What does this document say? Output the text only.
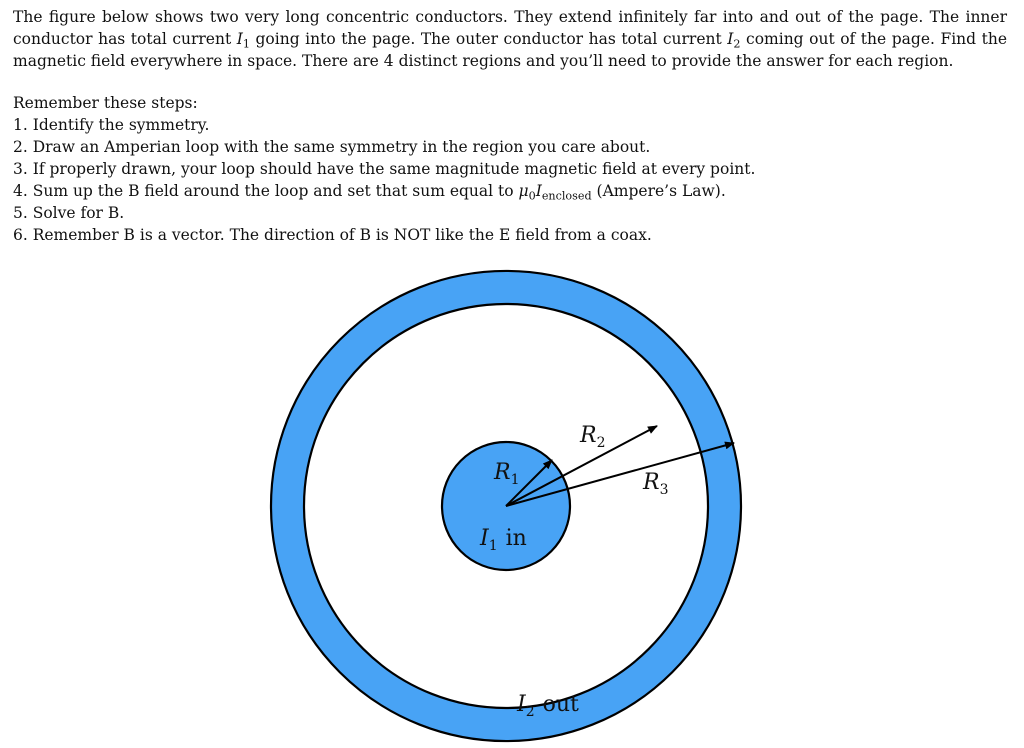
The figure below shows two very long concentric conductors. They extend infinitely far into and out of the page. The inner conductor has total current $I_1$ going into the page. The outer conductor has total current $I_2$ coming out of the page. Find the magnetic field everywhere in space. There are 4 distinct regions and you’ll need to provide the answer for each region.

Remember these steps:
1. Identify the symmetry.
2. Draw an Amperian loop with the same symmetry in the region you care about.
3. If properly drawn, your loop should have the same magnitude magnetic field at every point.
4. Sum up the B field around the loop and set that sum equal to $\mu_0I_{enclosed}$ (Ampere’s Law).
5. Solve for B.
6. Remember B is a vector. The direction of B is NOT like the E field from a coax.
$R_1$
$R_2$
$R_3$
$I_1$ in
$I_2$ out
